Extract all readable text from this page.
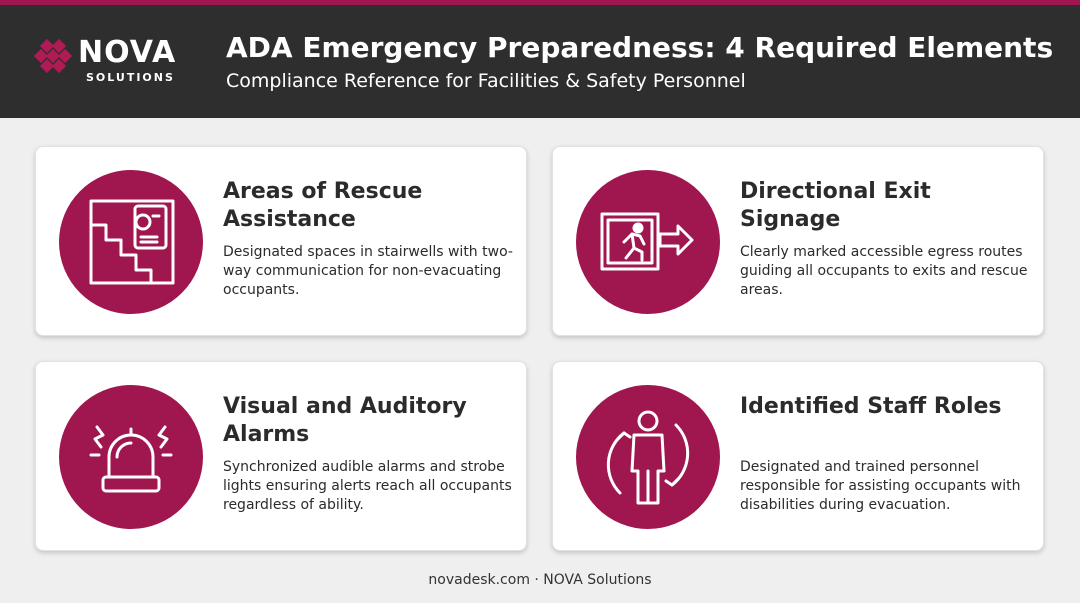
NOVA
SOLUTIONS
ADA Emergency Preparedness: 4 Required Elements
Compliance Reference for Facilities & Safety Personnel
Areas of Rescue Assistance
Designated spaces in stairwells with two-way communication for non-evacuating occupants.
Directional Exit Signage
Clearly marked accessible egress routes guiding all occupants to exits and rescue areas.
Visual and Auditory Alarms
Synchronized audible alarms and strobe lights ensuring alerts reach all occupants regardless of ability.
Identified Staff Roles
Designated and trained personnel responsible for assisting occupants with disabilities during evacuation.
novadesk.com · NOVA Solutions
